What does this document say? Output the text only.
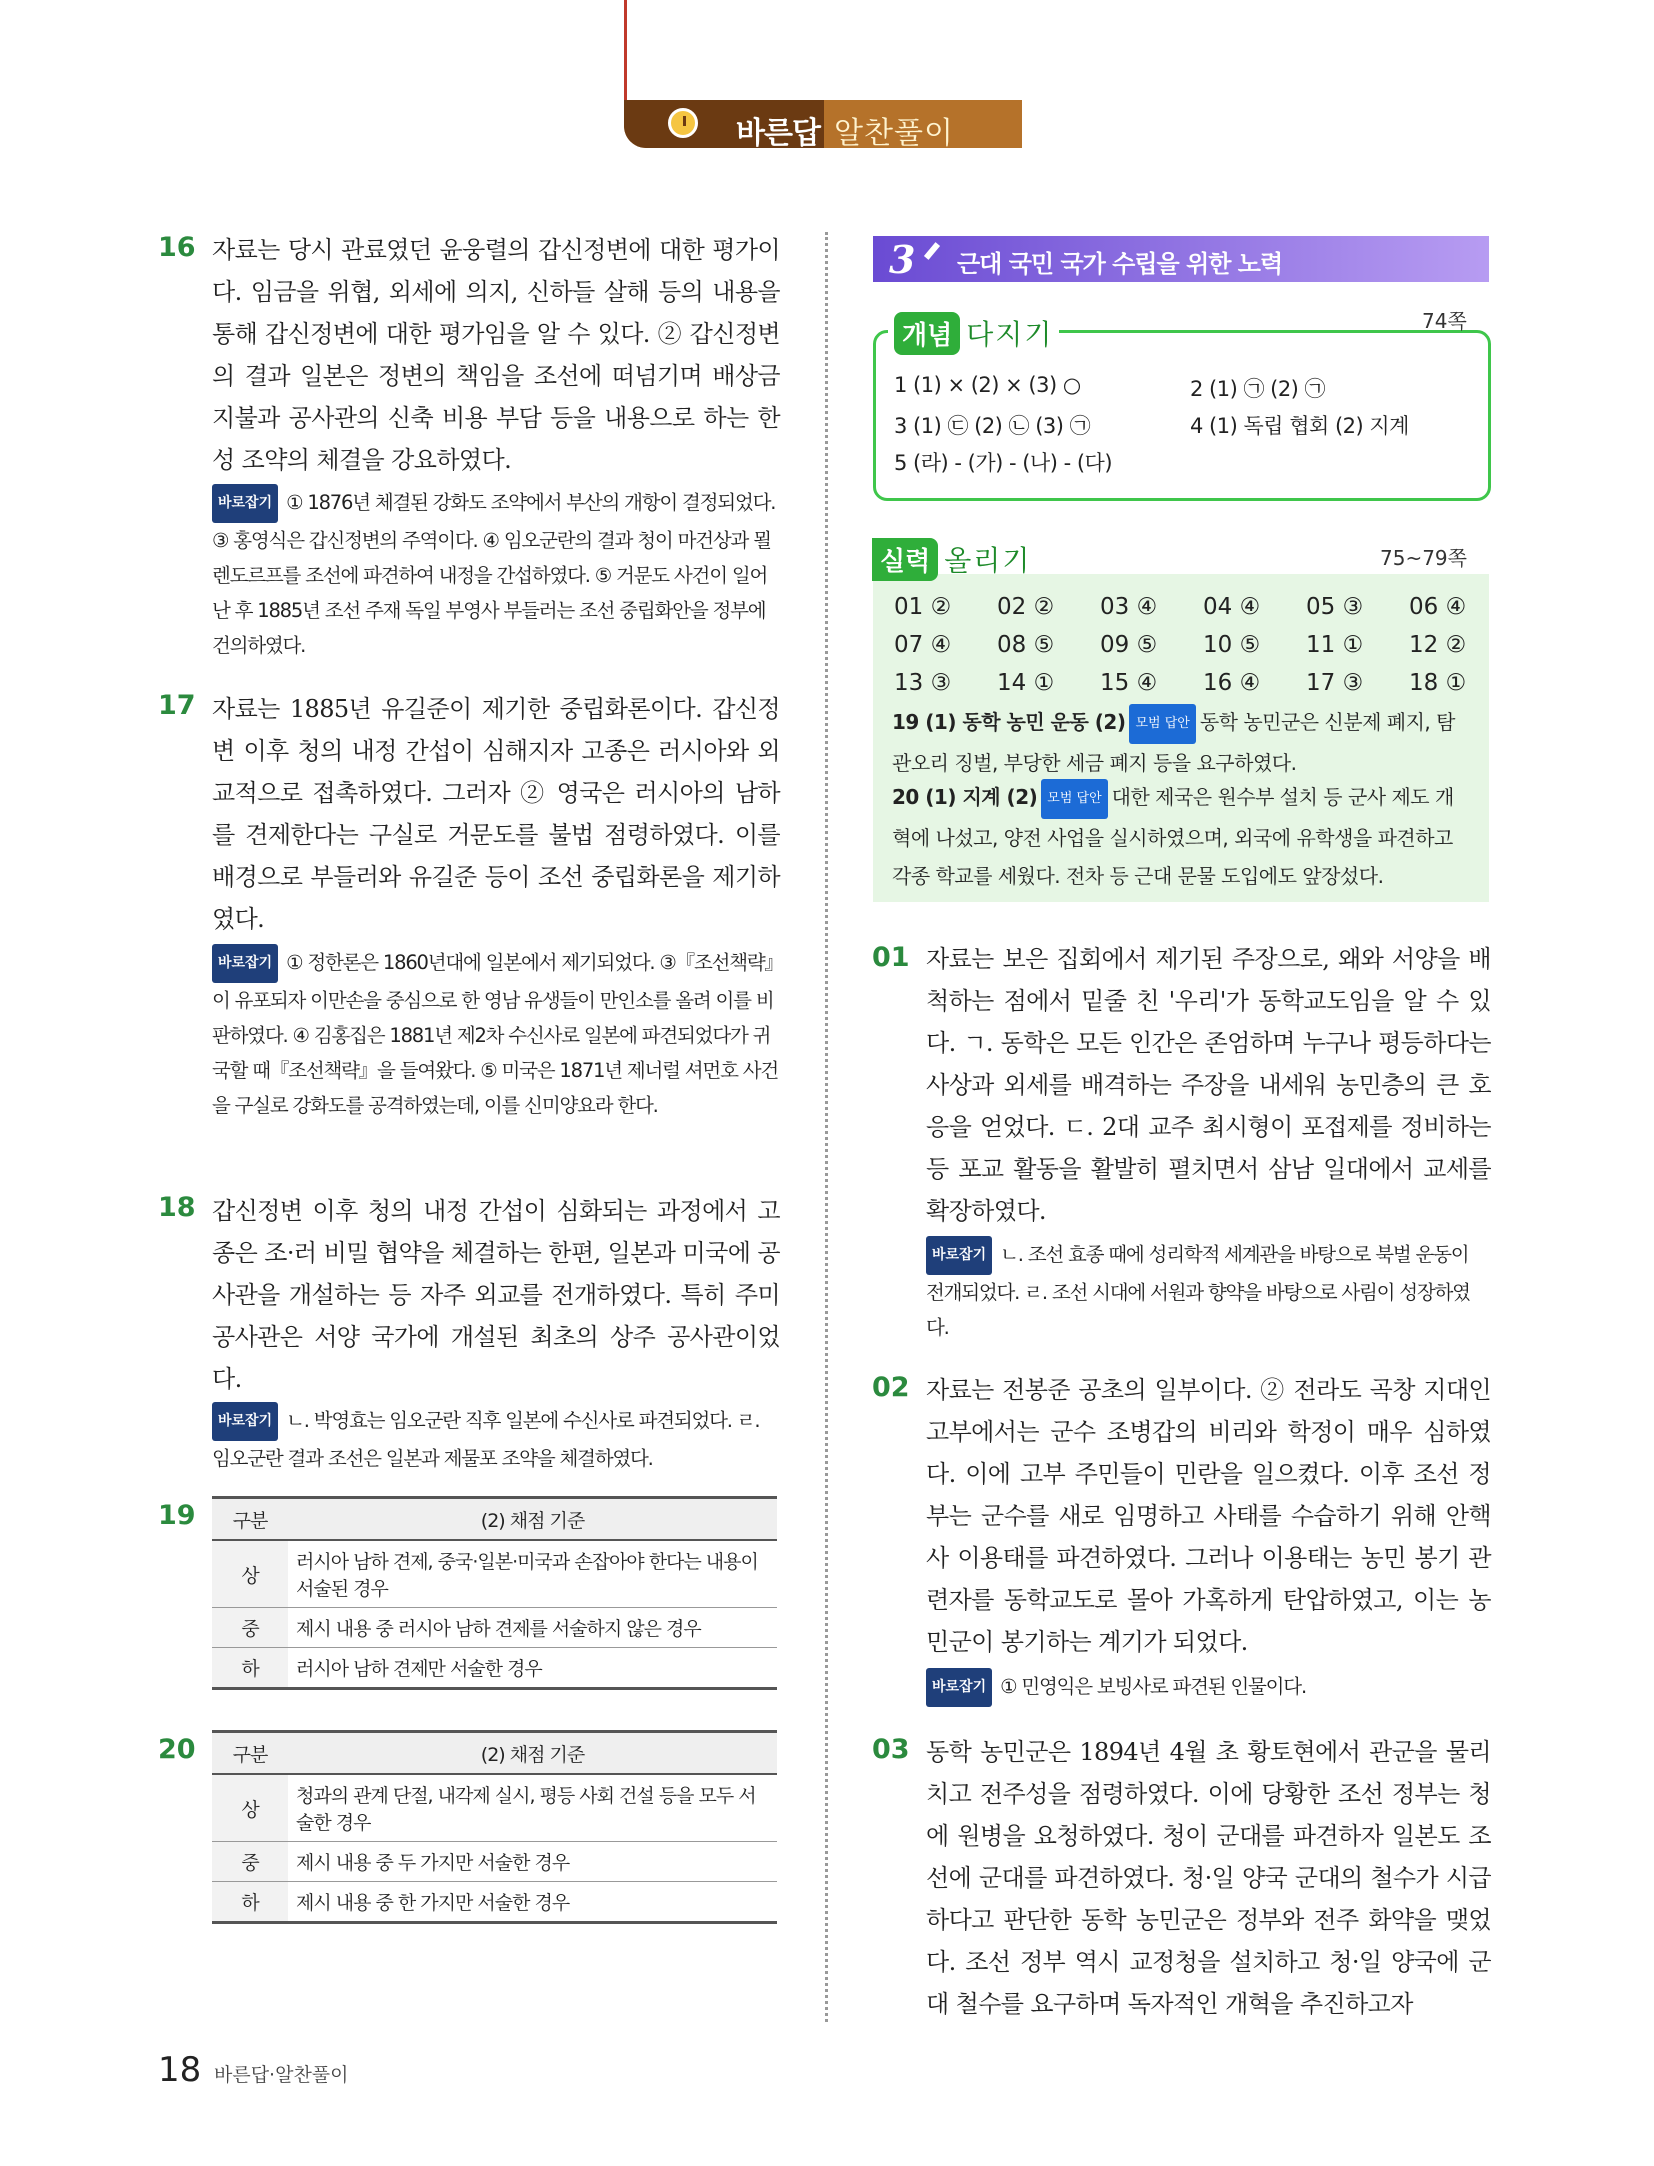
바른답 알찬풀이
16 자료는 당시 관료였던 윤웅렬의 갑신정변에 대한 평가이다. 임금을 위협, 외세에 의지, 신하들 살해 등의 내용을 통해 갑신정변에 대한 평가임을 알 수 있다. ② 갑신정변의 결과 일본은 정변의 책임을 조선에 떠넘기며 배상금 지불과 공사관의 신축 비용 부담 등을 내용으로 하는 한성 조약의 체결을 강요하였다.
바로잡기 ① 1876년 체결된 강화도 조약에서 부산의 개항이 결정되었다. ③ 홍영식은 갑신정변의 주역이다. ④ 임오군란의 결과 청이 마건상과 묄렌도르프를 조선에 파견하여 내정을 간섭하였다. ⑤ 거문도 사건이 일어난 후 1885년 조선 주재 독일 부영사 부들러는 조선 중립화안을 정부에 건의하였다.
17 자료는 1885년 유길준이 제기한 중립화론이다. 갑신정변 이후 청의 내정 간섭이 심해지자 고종은 러시아와 외교적으로 접촉하였다. 그러자 ② 영국은 러시아의 남하를 견제한다는 구실로 거문도를 불법 점령하였다. 이를 배경으로 부들러와 유길준 등이 조선 중립화론을 제기하였다.
바로잡기 ① 정한론은 1860년대에 일본에서 제기되었다. ③『조선책략』이 유포되자 이만손을 중심으로 한 영남 유생들이 만인소를 올려 이를 비판하였다. ④ 김홍집은 1881년 제2차 수신사로 일본에 파견되었다가 귀국할 때『조선책략』을 들여왔다. ⑤ 미국은 1871년 제너럴 셔먼호 사건을 구실로 강화도를 공격하였는데, 이를 신미양요라 한다.
18 갑신정변 이후 청의 내정 간섭이 심화되는 과정에서 고종은 조·러 비밀 협약을 체결하는 한편, 일본과 미국에 공사관을 개설하는 등 자주 외교를 전개하였다. 특히 주미 공사관은 서양 국가에 개설된 최초의 상주 공사관이었다.
바로잡기 ㄴ. 박영효는 임오군란 직후 일본에 수신사로 파견되었다. ㄹ. 임오군란 결과 조선은 일본과 제물포 조약을 체결하였다.
19 구분	(2) 채점 기준
상	러시아 남하 견제, 중국·일본·미국과 손잡아야 한다는 내용이 서술된 경우
중	제시 내용 중 러시아 남하 견제를 서술하지 않은 경우
하	러시아 남하 견제만 서술한 경우
20 구분	(2) 채점 기준
상	청과의 관계 단절, 내각제 실시, 평등 사회 건설 등을 모두 서술한 경우
중	제시 내용 중 두 가지만 서술한 경우
하	제시 내용 중 한 가지만 서술한 경우
3 근대 국민 국가 수립을 위한 노력
개념 다지기	74쪽
1 (1) × (2) × (3) ○	2 (1) ㉠ (2) ㉠
3 (1) ㉢ (2) ㉡ (3) ㉠	4 (1) 독립 협회 (2) 지계
5 (라) - (가) - (나) - (다)
실력 올리기	75~79쪽
01 ② 02 ② 03 ④ 04 ④ 05 ③ 06 ④
07 ④ 08 ⑤ 09 ⑤ 10 ⑤ 11 ① 12 ②
13 ③ 14 ① 15 ④ 16 ④ 17 ③ 18 ①
19 (1) 동학 농민 운동 (2) 모범 답안 동학 농민군은 신분제 폐지, 탐관오리 징벌, 부당한 세금 폐지 등을 요구하였다.
20 (1) 지계 (2) 모범 답안 대한 제국은 원수부 설치 등 군사 제도 개혁에 나섰고, 양전 사업을 실시하였으며, 외국에 유학생을 파견하고 각종 학교를 세웠다. 전차 등 근대 문물 도입에도 앞장섰다.
01 자료는 보은 집회에서 제기된 주장으로, 왜와 서양을 배척하는 점에서 밑줄 친 '우리'가 동학교도임을 알 수 있다. ㄱ. 동학은 모든 인간은 존엄하며 누구나 평등하다는 사상과 외세를 배격하는 주장을 내세워 농민층의 큰 호응을 얻었다. ㄷ. 2대 교주 최시형이 포접제를 정비하는 등 포교 활동을 활발히 펼치면서 삼남 일대에서 교세를 확장하였다.
바로잡기 ㄴ. 조선 효종 때에 성리학적 세계관을 바탕으로 북벌 운동이 전개되었다. ㄹ. 조선 시대에 서원과 향약을 바탕으로 사림이 성장하였다.
02 자료는 전봉준 공초의 일부이다. ② 전라도 곡창 지대인 고부에서는 군수 조병갑의 비리와 학정이 매우 심하였다. 이에 고부 주민들이 민란을 일으켰다. 이후 조선 정부는 군수를 새로 임명하고 사태를 수습하기 위해 안핵사 이용태를 파견하였다. 그러나 이용태는 농민 봉기 관련자를 동학교도로 몰아 가혹하게 탄압하였고, 이는 농민군이 봉기하는 계기가 되었다.
바로잡기 ① 민영익은 보빙사로 파견된 인물이다.
03 동학 농민군은 1894년 4월 초 황토현에서 관군을 물리치고 전주성을 점령하였다. 이에 당황한 조선 정부는 청에 원병을 요청하였다. 청이 군대를 파견하자 일본도 조선에 군대를 파견하였다. 청·일 양국 군대의 철수가 시급하다고 판단한 동학 농민군은 정부와 전주 화약을 맺었다. 조선 정부 역시 교정청을 설치하고 청·일 양국에 군대 철수를 요구하며 독자적인 개혁을 추진하고자
18 바른답·알찬풀이
